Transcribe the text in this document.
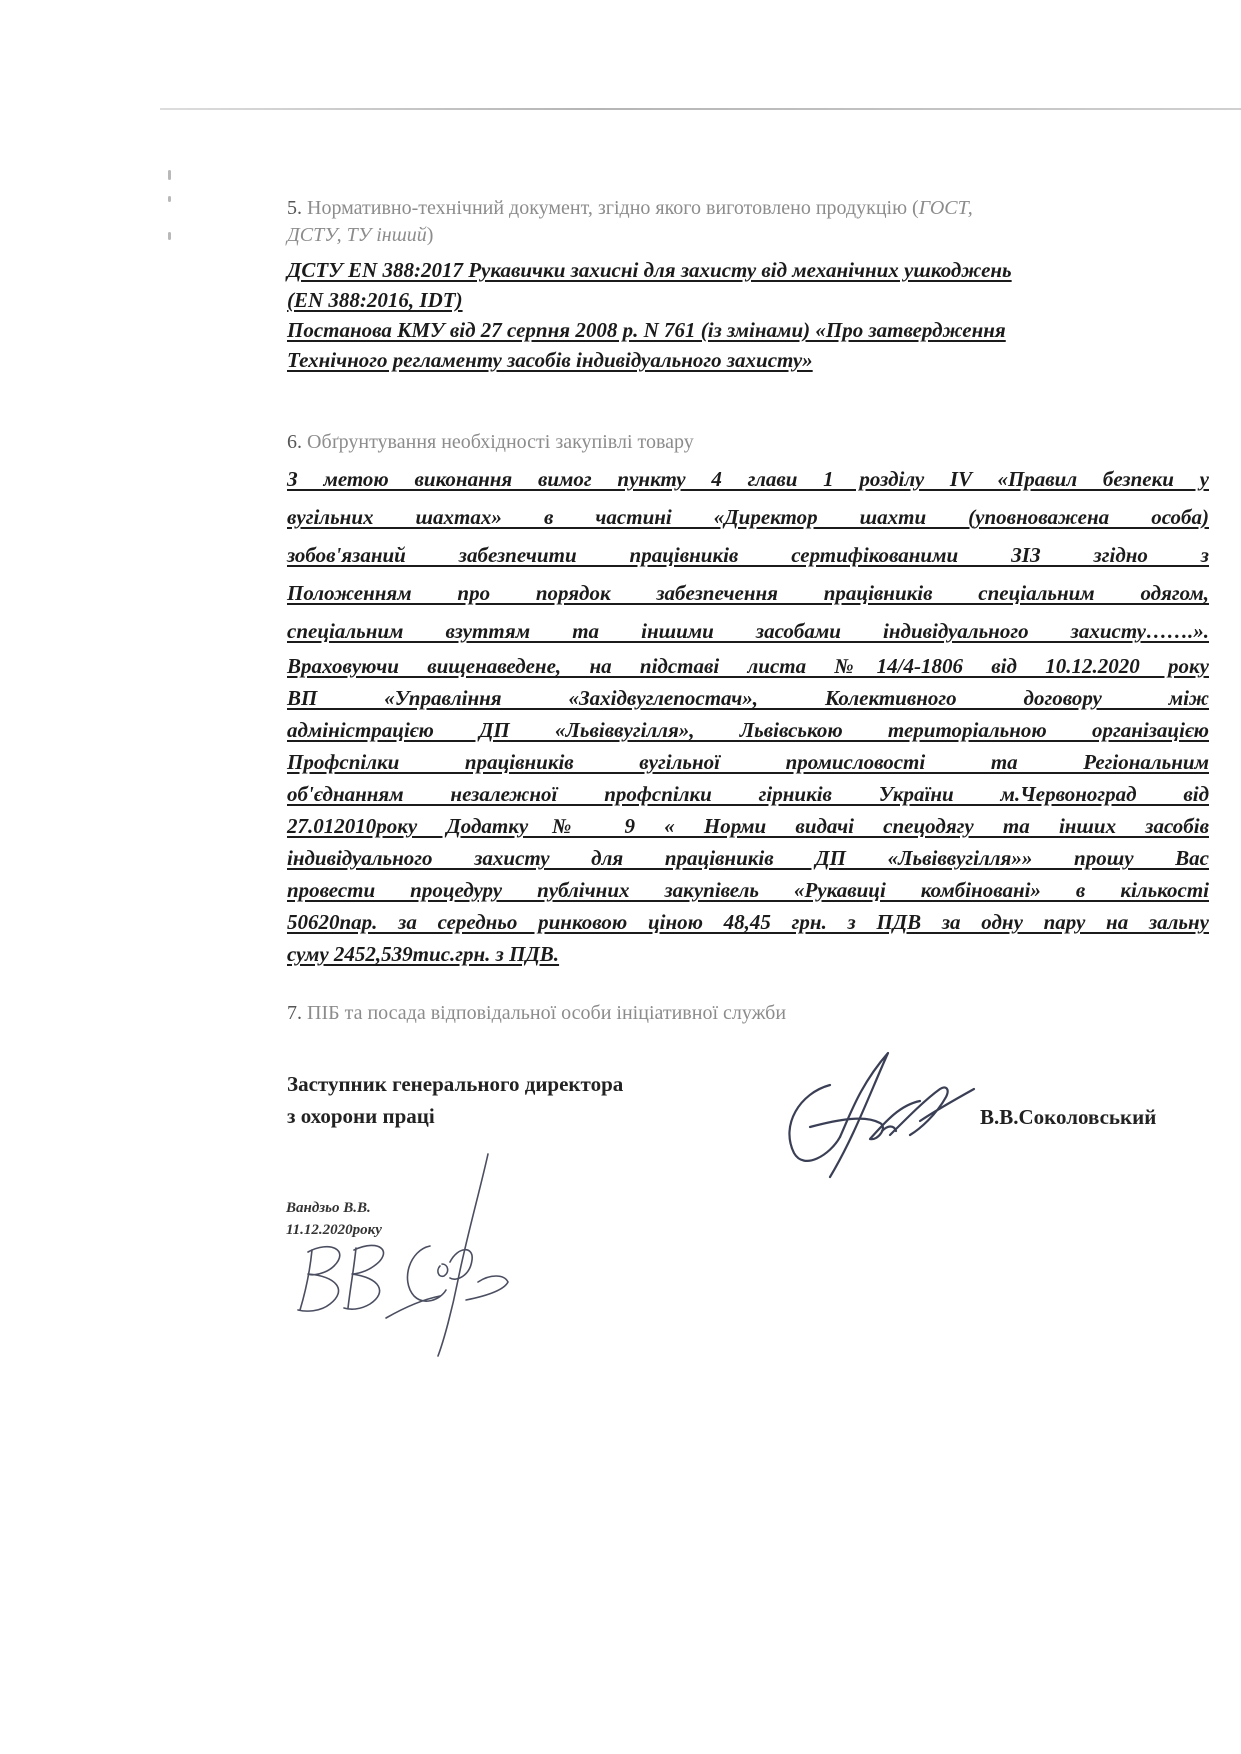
5. Нормативно-технічний документ, згідно якого виготовлено продукцію (ГОСТ,
ДСТУ, ТУ інший)

ДСТУ EN 388:2017 Рукавички захисні для захисту від механічних ушкоджень

(EN 388:2016, IDT)

Постанова КМУ від 27 серпня 2008 р. N 761 (із змінами) «Про затвердження

Технічного регламенту засобів індивідуального захисту»

6. Обґрунтування необхідності закупівлі товару

З метою виконання вимог пункту 4 глави 1 розділу IV «Правил безпеки у
вугільних шахтах» в частині «Директор шахти (уповноважена особа)
зобов'язаний забезпечити працівників сертифікованими ЗІЗ згідно з
Положенням про порядок забезпечення працівників спеціальним одягом,
спеціальним взуттям та іншими засобами індивідуального захисту…….».
Враховуючи вищенаведене, на підставі листа №14/4-1806 від 10.12.2020 року
ВП «Управління «Західвуглепостач», Колективного договору між
адміністрацією ДП «Львіввугілля», Львівською територіальною організацією
Профспілки працівників вугільної промисловості та Регіональним
об'єднанням незалежної профспілки гірників України м.Червоноград від
27.012010року Додатку№ 9 « Норми видачі спецодягу та інших засобів
індивідуального захисту для працівників ДП «Львіввугілля»» прошу Вас
провести процедуру публічних закупівель «Рукавиці комбіновані» в кількості
50620пар. за середньо ринковою ціною 48,45 грн. з ПДВ за одну пару на зальну
суму 2452,539тис.грн. з ПДВ.

7. ПІБ та посада відповідальної особи ініціативної служби

Заступник генерального директора
з охорони праці	В.В.Соколовський
Вандзьо В.В.
11.12.2020року
